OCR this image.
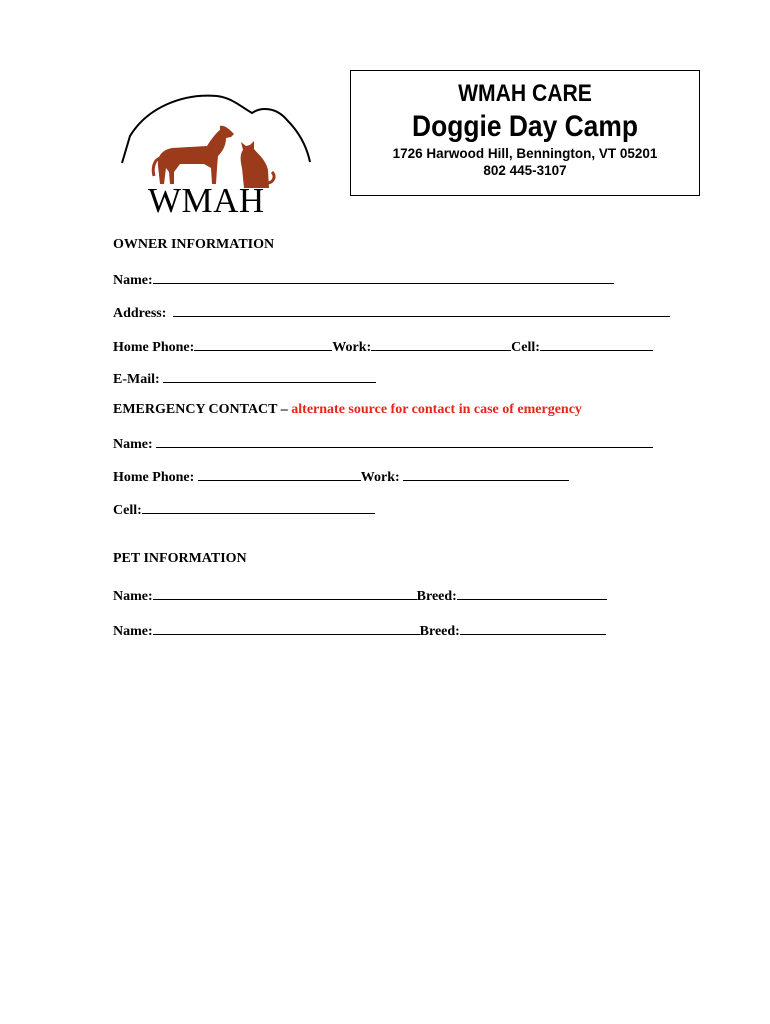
WMAH
WMAH CARE
Doggie Day Camp
1726 Harwood Hill, Bennington, VT 05201
802 445-3107
OWNER INFORMATION
Name:
Address:
Home Phone:	Work:	Cell:
E-Mail:
EMERGENCY CONTACT – alternate source for contact in case of emergency
Name:
Home Phone:	Work:
Cell:
PET INFORMATION
Name:	Breed:
Name:	Breed:
